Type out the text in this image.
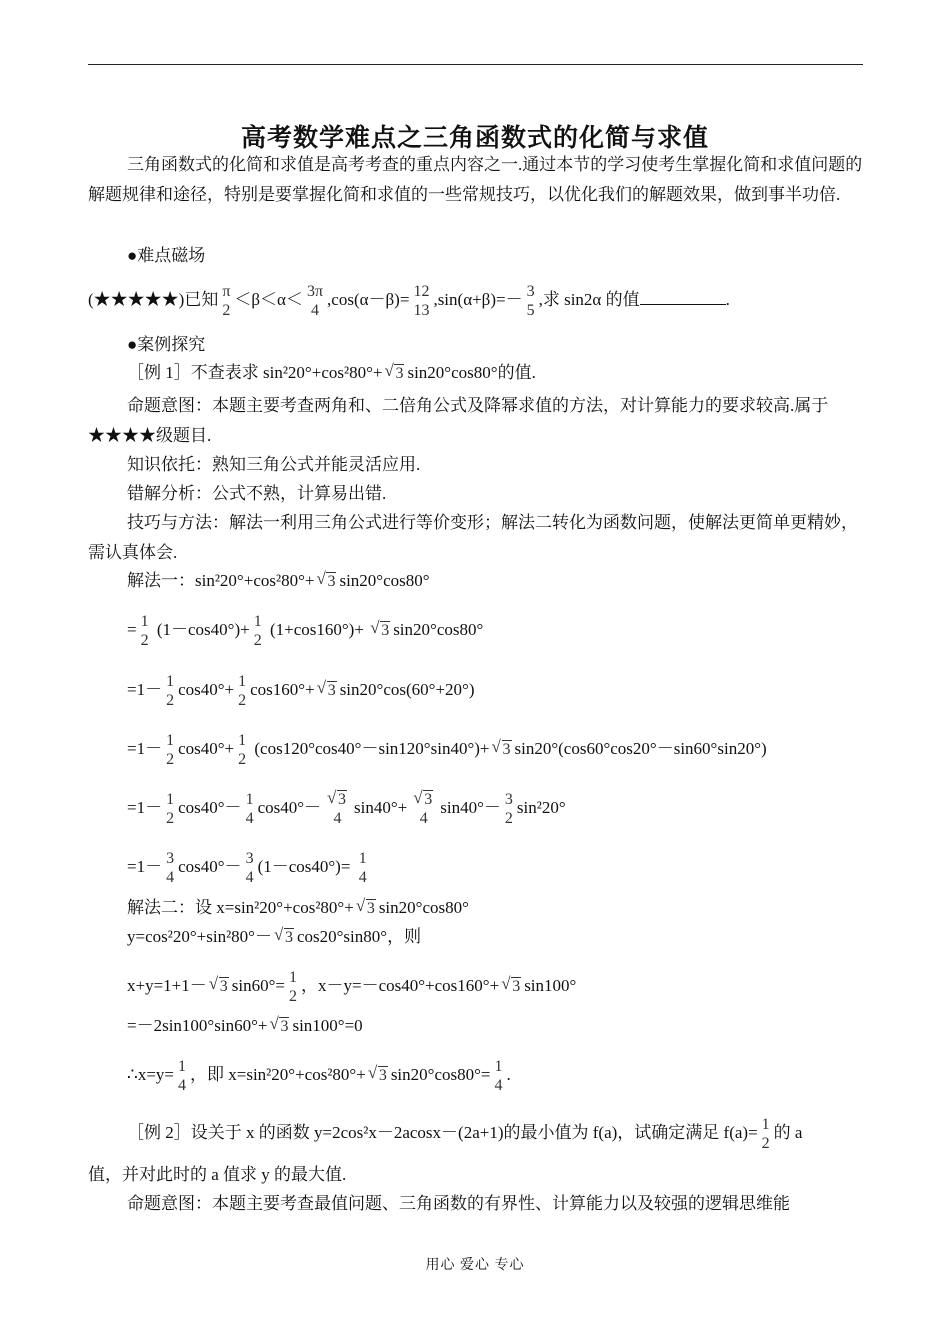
高考数学难点之三角函数式的化简与求值
三角函数式的化简和求值是高考考查的重点内容之一.通过本节的学习使考生掌握化简和求值问题的解题规律和途径，特别是要掌握化简和求值的一些常规技巧，以优化我们的解题效果，做到事半功倍.
●难点磁场
(★★★★★)已知 π
2
＜β＜α＜ 3π
4
,cos(α－β)= 12
13
,sin(α+β)=－ 3
5
,求 sin2α 的值	.
●案例探究
［例 1］不查表求 sin²20°+cos²80°+ √ 3 sin20°cos80°的值.
命题意图：本题主要考查两角和、二倍角公式及降幂求值的方法，对计算能力的要求较高.属于★★★★级题目.
知识依托：熟知三角公式并能灵活应用.
错解分析：公式不熟，计算易出错.
技巧与方法：解法一利用三角公式进行等价变形；解法二转化为函数问题，使解法更简单更精妙，需认真体会.
解法一：sin²20°+cos²80°+ √ 3 sin20°cos80°
= 1
2
(1－cos40°)+ 1
2
(1+cos160°)+ √ 3 sin20°cos80°
=1－ 1
2
cos40°+ 1
2
cos160°+ √ 3 sin20°cos(60°+20°)
=1－ 1
2
cos40°+ 1
2
(cos120°cos40°－sin120°sin40°)+ √ 3 sin20°(cos60°cos20°－sin60°sin20°)
=1－ 1
2
cos40°－ 1
4
cos40°－	√ 3
4
sin40°+	√ 3
4
sin40°－ 3
2
sin²20°
=1－ 3
4
cos40°－ 3
4
(1－cos40°)= 1
4
解法二：设 x=sin²20°+cos²80°+ √ 3 sin20°cos80°
y=cos²20°+sin²80°－ √ 3 cos20°sin80°，则
x+y=1+1－ √ 3 sin60°= 1
2
，x－y=－cos40°+cos160°+ √ 3 sin100°
=－2sin100°sin60°+ √ 3 sin100°=0
∴x=y= 1
4
，即 x=sin²20°+cos²80°+ √ 3 sin20°cos80°= 1
4
.
［例 2］设关于 x 的函数 y=2cos²x－2acosx－(2a+1)的最小值为 f(a)，试确定满足 f(a)= 1
2
的 a
值，并对此时的 a 值求 y 的最大值.
命题意图：本题主要考查最值问题、三角函数的有界性、计算能力以及较强的逻辑思维能
用心 爱心 专心
